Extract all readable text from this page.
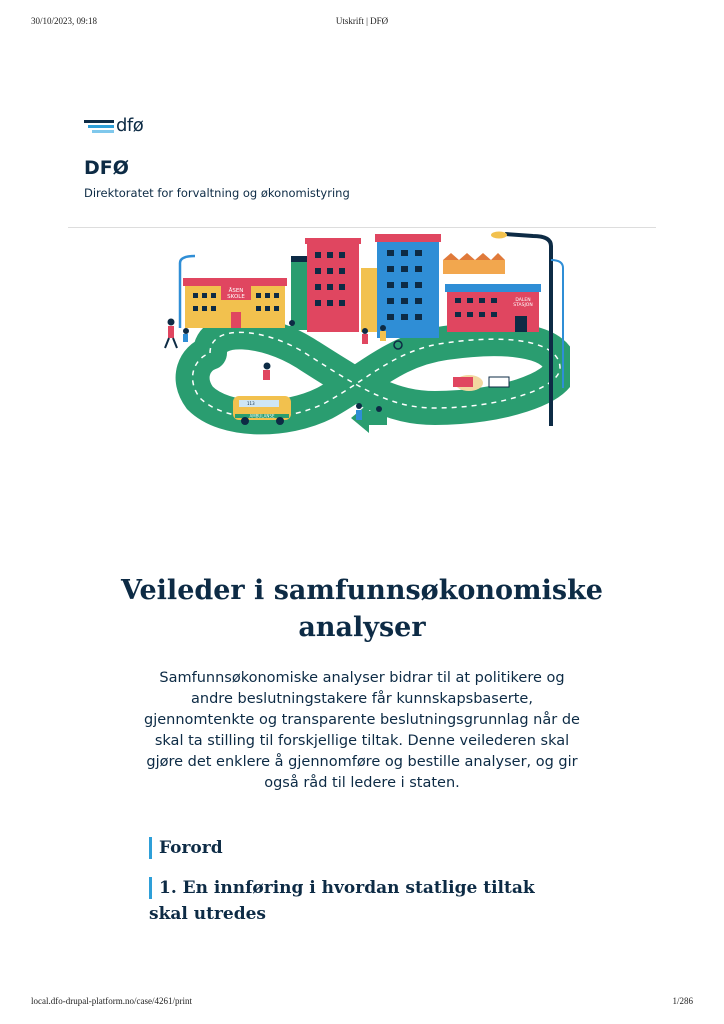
30/10/2023, 09:18	Utskrift | DFØ
dfø
DFØ
Direktoratet for forvaltning og økonomistyring
ÅSEN
SKOLE
DALEN
STASJON
113
AMBULANSE
Veileder i samfunnsøkonomiske analyser
Samfunnsøkonomiske analyser bidrar til at politikere og andre beslutningstakere får kunnskapsbaserte, gjennomtenkte og transparente beslutningsgrunnlag når de skal ta stilling til forskjellige tiltak. Denne veilederen skal gjøre det enklere å gjennomføre og bestille analyser, og gir også råd til ledere i staten.
Forord
1. En innføring i hvordan statlige tiltak skal utredes
local.dfo-drupal-platform.no/case/4261/print	1/286
